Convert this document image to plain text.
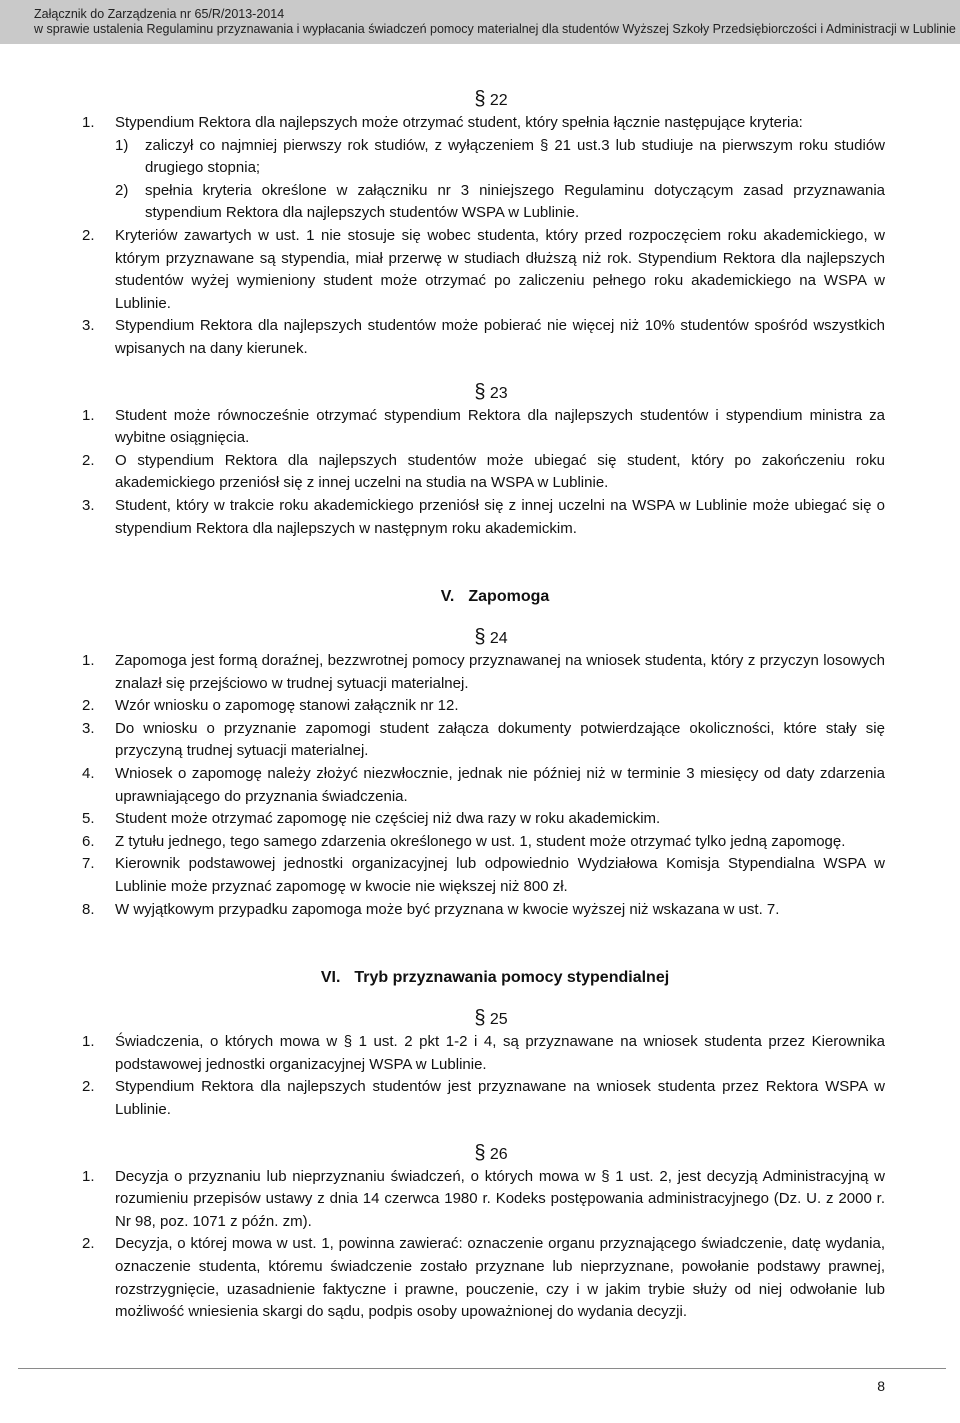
Załącznik do Zarządzenia nr 65/R/2013-2014
w sprawie ustalenia Regulaminu przyznawania i wypłacania świadczeń pomocy materialnej dla studentów Wyższej Szkoły Przedsiębiorczości i Administracji w Lublinie
§ 22
1. Stypendium Rektora dla najlepszych może otrzymać student, który spełnia łącznie następujące kryteria:
1) zaliczył co najmniej pierwszy rok studiów, z wyłączeniem § 21 ust.3 lub studiuje na pierwszym roku studiów drugiego stopnia;
2) spełnia kryteria określone w załączniku nr 3 niniejszego Regulaminu dotyczącym zasad przyznawania stypendium Rektora dla najlepszych studentów WSPA w Lublinie.
2. Kryteriów zawartych w ust. 1 nie stosuje się wobec studenta, który przed rozpoczęciem roku akademickiego, w którym przyznawane są stypendia, miał przerwę w studiach dłuższą niż rok. Stypendium Rektora dla najlepszych studentów wyżej wymieniony student może otrzymać po zaliczeniu pełnego roku akademickiego na WSPA w Lublinie.
3. Stypendium Rektora dla najlepszych studentów może pobierać nie więcej niż 10% studentów spośród wszystkich wpisanych na dany kierunek.
§ 23
1. Student może równocześnie otrzymać stypendium Rektora dla najlepszych studentów i stypendium ministra za wybitne osiągnięcia.
2. O stypendium Rektora dla najlepszych studentów może ubiegać się student, który po zakończeniu roku akademickiego przeniósł się z innej uczelni na studia na WSPA w Lublinie.
3. Student, który w trakcie roku akademickiego przeniósł się z innej uczelni na WSPA w Lublinie może ubiegać się o stypendium Rektora dla najlepszych w następnym roku akademickim.
V. Zapomoga
§ 24
1. Zapomoga jest formą doraźnej, bezzwrotnej pomocy przyznawanej na wniosek studenta, który z przyczyn losowych znalazł się przejściowo w trudnej sytuacji materialnej.
2. Wzór wniosku o zapomogę stanowi załącznik nr 12.
3. Do wniosku o przyznanie zapomogi student załącza dokumenty potwierdzające okoliczności, które stały się przyczyną trudnej sytuacji materialnej.
4. Wniosek o zapomogę należy złożyć niezwłocznie, jednak nie później niż w terminie 3 miesięcy od daty zdarzenia uprawniającego do przyznania świadczenia.
5. Student może otrzymać zapomogę nie częściej niż dwa razy w roku akademickim.
6. Z tytułu jednego, tego samego zdarzenia określonego w ust. 1, student może otrzymać tylko jedną zapomogę.
7. Kierownik podstawowej jednostki organizacyjnej lub odpowiednio Wydziałowa Komisja Stypendialna WSPA w Lublinie może przyznać zapomogę w kwocie nie większej niż 800 zł.
8. W wyjątkowym przypadku zapomoga może być przyznana w kwocie wyższej niż wskazana w ust. 7.
VI. Tryb przyznawania pomocy stypendialnej
§ 25
1. Świadczenia, o których mowa w § 1 ust. 2 pkt 1-2 i 4, są przyznawane na wniosek studenta przez Kierownika podstawowej jednostki organizacyjnej WSPA w Lublinie.
2. Stypendium Rektora dla najlepszych studentów jest przyznawane na wniosek studenta przez Rektora WSPA w Lublinie.
§ 26
1. Decyzja o przyznaniu lub nieprzyznaniu świadczeń, o których mowa w § 1 ust. 2, jest decyzją Administracyjną w rozumieniu przepisów ustawy z dnia 14 czerwca 1980 r. Kodeks postępowania administracyjnego (Dz. U. z 2000 r. Nr 98, poz. 1071 z późn. zm).
2. Decyzja, o której mowa w ust. 1, powinna zawierać: oznaczenie organu przyznającego świadczenie, datę wydania, oznaczenie studenta, któremu świadczenie zostało przyznane lub nieprzyznane, powołanie podstawy prawnej, rozstrzygnięcie, uzasadnienie faktyczne i prawne, pouczenie, czy i w jakim trybie służy od niej odwołanie lub możliwość wniesienia skargi do sądu, podpis osoby upoważnionej do wydania decyzji.
8
